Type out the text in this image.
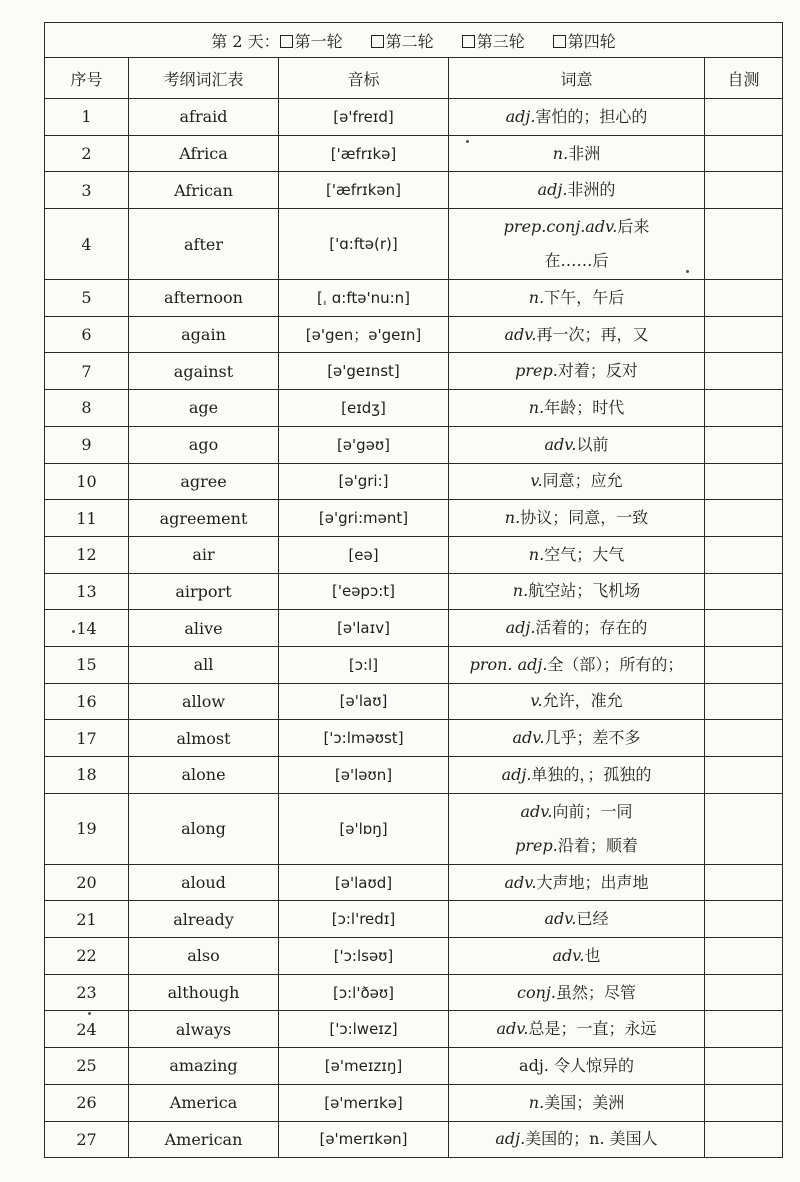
第 2 天： 第一轮 第二轮 第三轮 第四轮				
序号	考纲词汇表	音标	词意	自测
1	afraid	[ə'freɪd]	adj.害怕的；担心的	

2	Africa	['æfrɪkə]	n.非洲	

3	African	['æfrɪkən]	adj.非洲的	

4	after	['ɑ:ftə(r)]	prep.conj.adv.后来
在……后	

5	afternoon	[ˌ ɑ:ftə'nu:n]	n.下午，午后	

6	again	[ə'gen；ə'geɪn]	adv.再一次；再，又	

7	against	[ə'geɪnst]	prep.对着；反对	

8	age	[eɪdʒ]	n.年龄；时代	

9	ago	[ə'gəʊ]	adv.以前	

10	agree	[ə'gri:]	v.同意；应允	

11	agreement	[ə'gri:mənt]	n.协议；同意，一致	

12	air	[eə]	n.空气；大气	

13	airport	['eəpɔ:t]	n.航空站；飞机场	

14	alive	[ə'laɪv]	adj.活着的；存在的	

15	all	[ɔ:l]	pron. adj.全（部）；所有的；	

16	allow	[ə'laʊ]	v.允许，准允	

17	almost	['ɔ:lməʊst]	adv.几乎；差不多	

18	alone	[ə'ləʊn]	adj.单独的，；孤独的	

19	along	[ə'lɒŋ]	adv.向前；一同
prep.沿着；顺着	

20	aloud	[ə'laʊd]	adv.大声地；出声地	

21	already	[ɔ:l'redɪ]	adv.已经	

22	also	['ɔ:lsəʊ]	adv.也	

23	although	[ɔ:l'ðəʊ]	conj.虽然；尽管	

24	always	['ɔ:lweɪz]	adv.总是；一直；永远	

25	amazing	[ə'meɪzɪŋ]	adj. 令人惊异的	

26	America	[ə'merɪkə]	n.美国；美洲	

27	American	[ə'merɪkən]	adj.美国的；n. 美国人	
